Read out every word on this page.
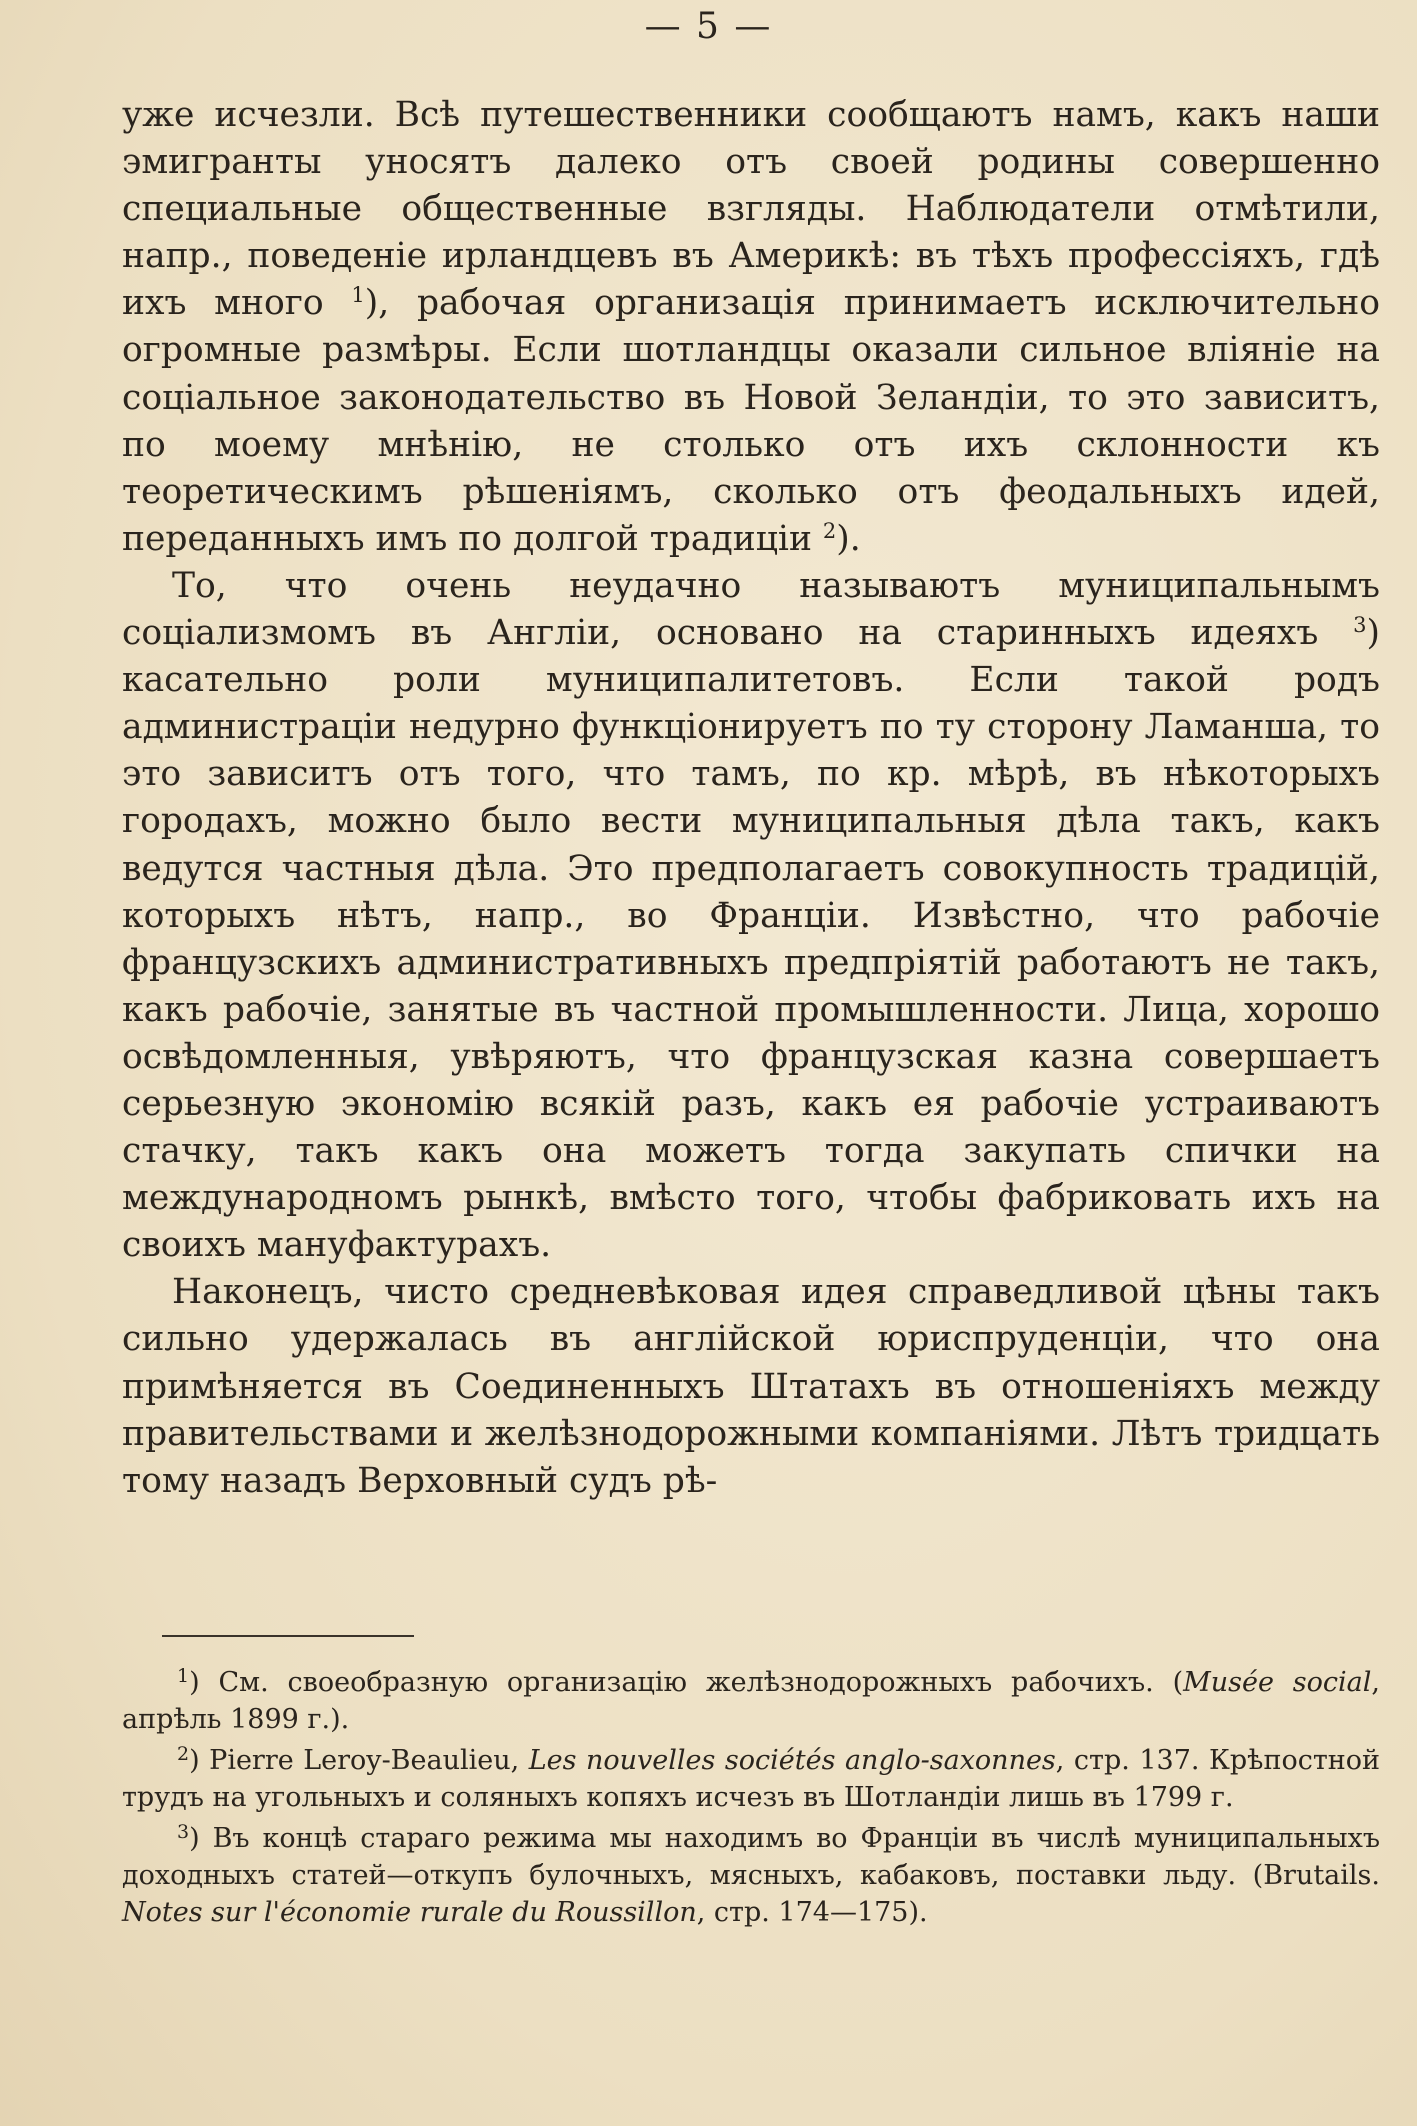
— 5 —

уже исчезли. Всѣ путешественники сообщаютъ намъ, какъ наши эмигранты уносятъ далеко отъ своей родины совершенно специальные общественные взгляды. Наблюдатели отмѣтили, напр., поведеніе ирландцевъ въ Америкѣ: въ тѣхъ профессіяхъ, гдѣ ихъ много $^1$), рабочая организація принимаетъ исключительно огромные размѣры. Если шотландцы оказали сильное вліяніе на соціальное законодательство въ Новой Зеландіи, то это зависитъ, по моему мнѣнію, не столько отъ ихъ склонности къ теоретическимъ рѣшеніямъ, сколько отъ феодальныхъ идей, переданныхъ имъ по долгой традиціи $^2$).

То, что очень неудачно называютъ муниципальнымъ соціализмомъ въ Англіи, основано на старинныхъ идеяхъ $^3$) касательно роли муниципалитетовъ. Если такой родъ администраціи недурно функціонируетъ по ту сторону Ламанша, то это зависитъ отъ того, что тамъ, по кр. мѣрѣ, въ нѣкоторыхъ городахъ, можно было вести муниципальныя дѣла такъ, какъ ведутся частныя дѣла. Это предполагаетъ совокупность традицій, которыхъ нѣтъ, напр., во Франціи. Извѣстно, что рабочіе французскихъ административныхъ предпріятій работаютъ не такъ, какъ рабочіе, занятые въ частной промышленности. Лица, хорошо освѣдомленныя, увѣряютъ, что французская казна совершаетъ серьезную экономію всякій разъ, какъ ея рабочіе устраиваютъ стачку, такъ какъ она можетъ тогда закупать спички на международномъ рынкѣ, вмѣсто того, чтобы фабриковать ихъ на своихъ мануфактурахъ.

Наконецъ, чисто средневѣковая идея справедливой цѣны такъ сильно удержалась въ англійской юриспруденціи, что она примѣняется въ Соединенныхъ Штатахъ въ отношеніяхъ между правительствами и желѣзнодорожными компаніями. Лѣтъ тридцать тому назадъ Верховный судъ рѣ-

$^1$) См. своеобразную организацію желѣзнодорожныхъ рабочихъ. (Musée social, апрѣль 1899 г.).

$^2$) Pierre Leroy-Beaulieu, Les nouvelles sociétés anglo-saxonnes, стр. 137. Крѣпостной трудъ на угольныхъ и соляныхъ копяхъ исчезъ въ Шотландіи лишь въ 1799 г.

$^3$) Въ концѣ стараго режима мы находимъ во Франціи въ числѣ муниципальныхъ доходныхъ статей—откупъ булочныхъ, мясныхъ, кабаковъ, поставки льду. (Brutails. Notes sur l'économie rurale du Roussillon, стр. 174—175).
